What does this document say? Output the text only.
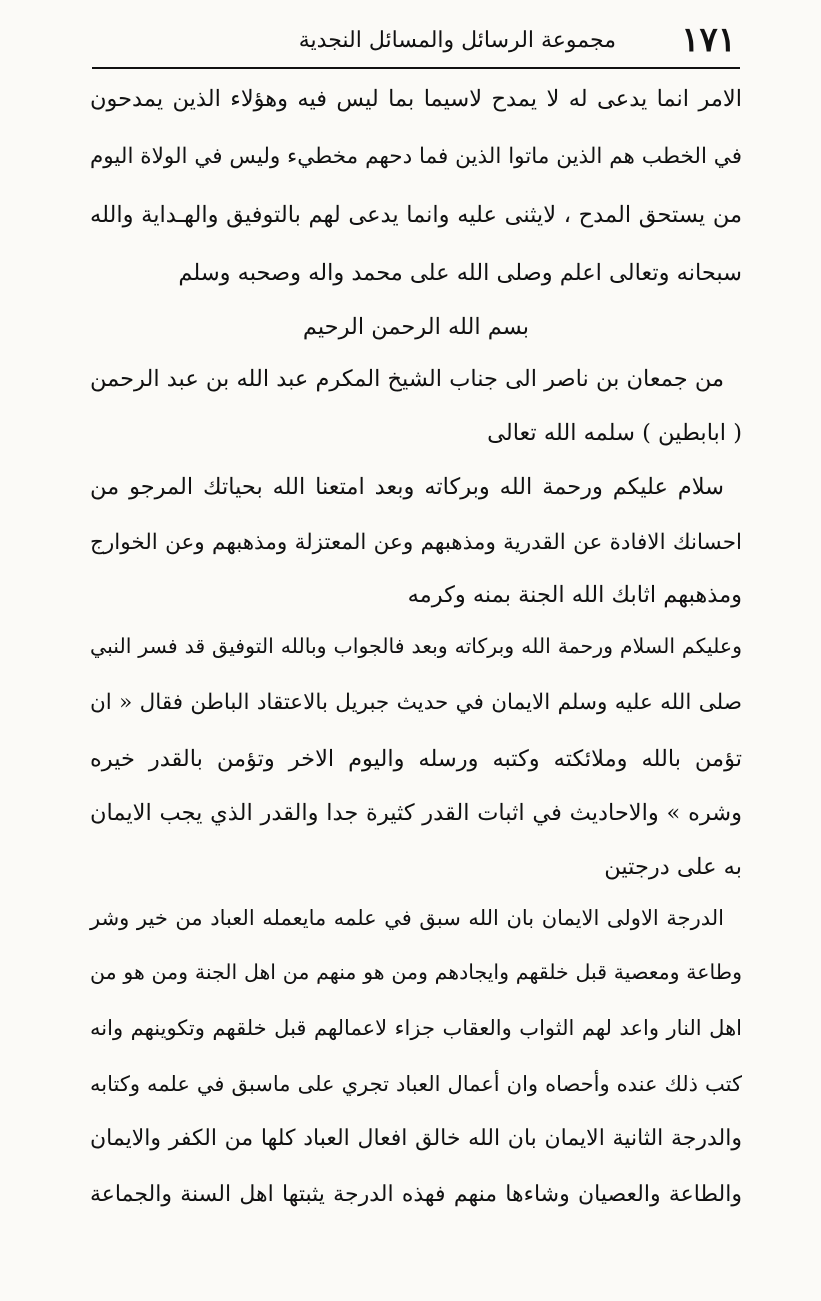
١٧١
مجموعة الرسائل والمسائل النجدية
الامر انما يدعى له لا يمدح لاسيما بما ليس فيه وهؤلاء الذين يمدحون
في الخطب هم الذين ماتوا الذين فما دحهم مخطيء وليس في الولاة اليوم
من يستحق المدح ، لايثنى عليه وانما يدعى لهم بالتوفيق والهـداية والله
سبحانه وتعالى اعلم وصلى الله على محمد واله وصحبه وسلم
بسم الله الرحمن الرحيم
من جمعان بن ناصر الى جناب الشيخ المكرم عبد الله بن عبد الرحمن
( ابابطين ) سلمه الله تعالى
سلام عليكم ورحمة الله وبركاته وبعد امتعنا الله بحياتك المرجو من
احسانك الافادة عن القدرية ومذهبهم وعن المعتزلة ومذهبهم وعن الخوارج
ومذهبهم اثابك الله الجنة بمنه وكرمه
وعليكم السلام ورحمة الله وبركاته وبعد فالجواب وبالله التوفيق قد فسر النبي
صلى الله عليه وسلم الايمان في حديث جبريل بالاعتقاد الباطن فقال « ان
تؤمن بالله وملائكته وكتبه ورسله واليوم الاخر وتؤمن بالقدر خيره
وشره » والاحاديث في اثبات القدر كثيرة جدا والقدر الذي يجب الايمان
به على درجتين
الدرجة الاولى الايمان بان الله سبق في علمه مايعمله العباد من خير وشر
وطاعة ومعصية قبل خلقهم وايجادهم ومن هو منهم من اهل الجنة ومن هو من
اهل النار واعد لهم الثواب والعقاب جزاء لاعمالهم قبل خلقهم وتكوينهم وانه
كتب ذلك عنده وأحصاه وان أعمال العباد تجري على ماسبق في علمه وكتابه
والدرجة الثانية الايمان بان الله خالق افعال العباد كلها من الكفر والايمان
والطاعة والعصيان وشاءها منهم فهذه الدرجة يثبتها اهل السنة والجماعة
